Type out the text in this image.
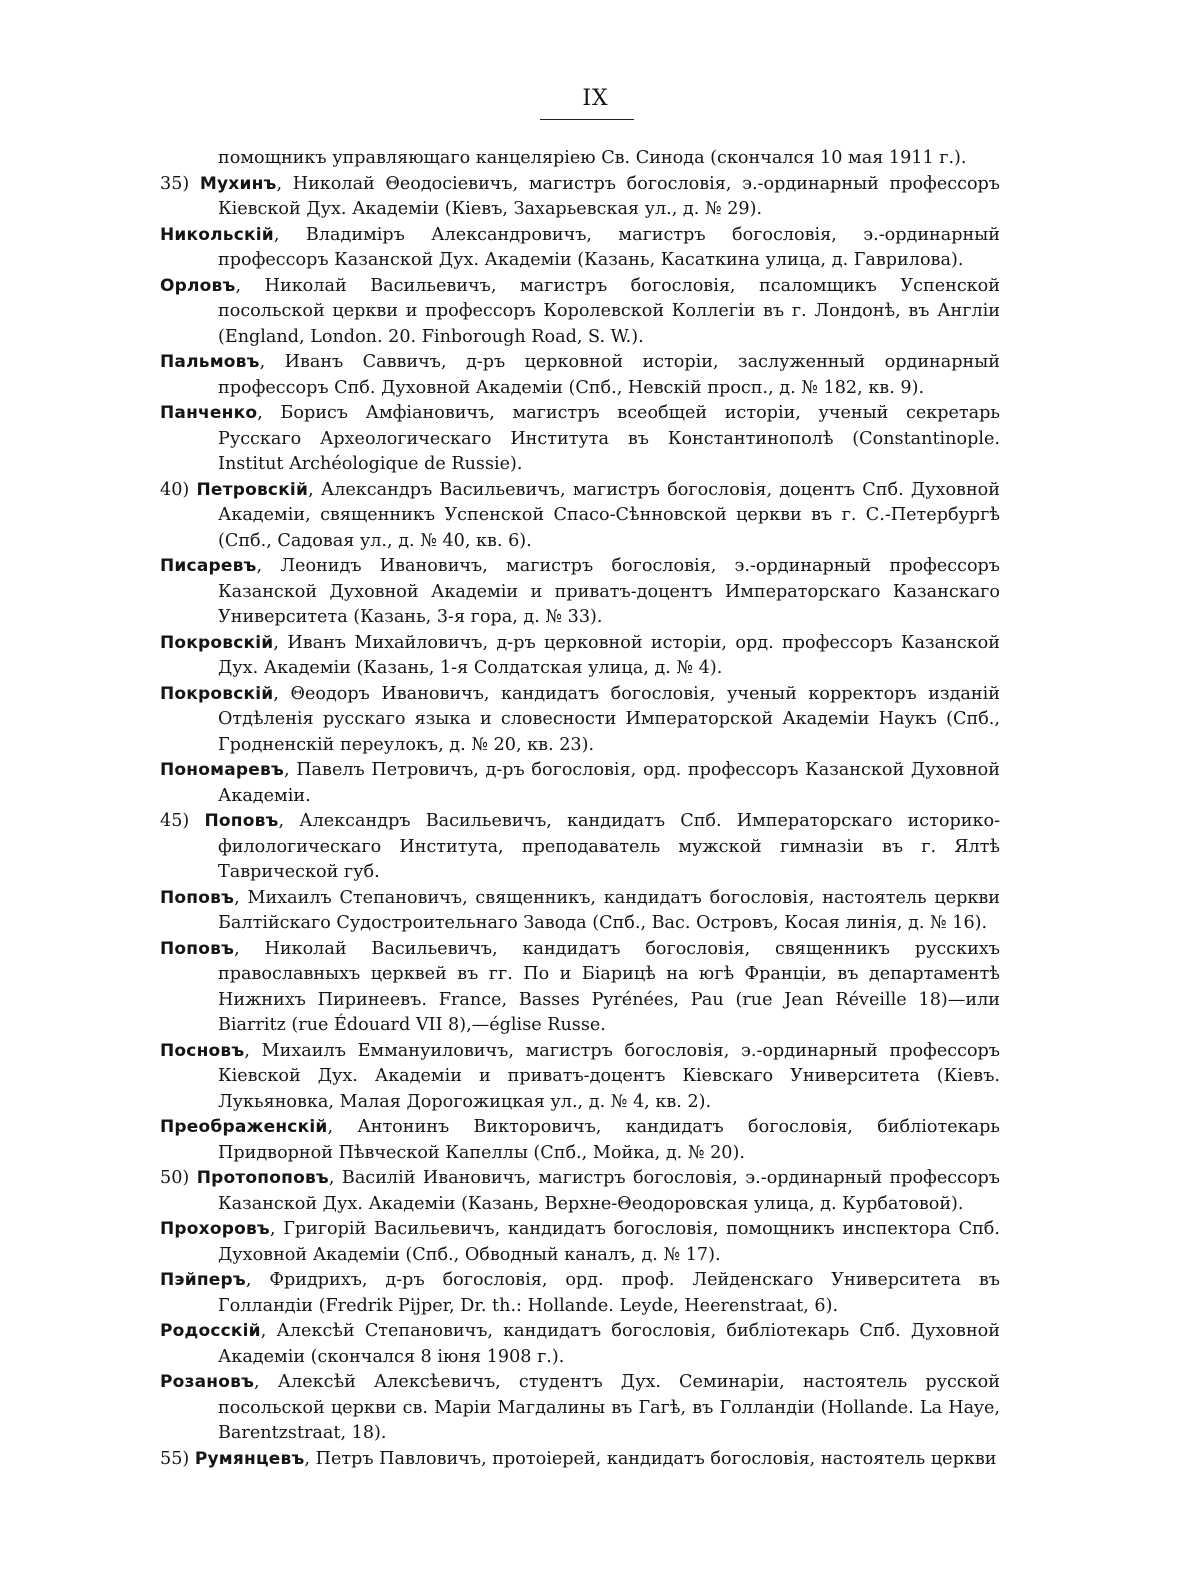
IX

помощникъ управляющаго канцеляріею Св. Синода (скончался 10 мая 1911 г.).

35) Мухинъ, Николай Θеодосіевичъ, магистръ богословія, э.-ординарный профессоръ Кіевской Дух. Академіи (Кіевъ, Захарьевская ул., д. № 29).

Никольскій, Владиміръ Александровичъ, магистръ богословія, э.-ординарный профессоръ Казанской Дух. Академіи (Казань, Касаткина улица, д. Гаврилова).

Орловъ, Николай Васильевичъ, магистръ богословія, псаломщикъ Успенской посольской церкви и профессоръ Королевской Коллегіи въ г. Лондонѣ, въ Англіи (England, London. 20. Finborough Road, S. W.).

Пальмовъ, Иванъ Саввичъ, д-ръ церковной исторіи, заслуженный ординарный профессоръ Спб. Духовной Академіи (Спб., Невскій просп., д. № 182, кв. 9).

Панченко, Борисъ Амфіановичъ, магистръ всеобщей исторіи, ученый секретарь Русскаго Археологическаго Института въ Константинополѣ (Constantinople. Institut Archéologique de Russie).

40) Петровскій, Александръ Васильевичъ, магистръ богословія, доцентъ Спб. Духовной Академіи, священникъ Успенской Спасо-Сѣнновской церкви въ г. С.-Петербургѣ (Спб., Садовая ул., д. № 40, кв. 6).

Писаревъ, Леонидъ Ивановичъ, магистръ богословія, э.-ординарный профессоръ Казанской Духовной Академіи и приватъ-доцентъ Императорскаго Казанскаго Университета (Казань, 3-я гора, д. № 33).

Покровскій, Иванъ Михайловичъ, д-ръ церковной исторіи, орд. профессоръ Казанской Дух. Академіи (Казань, 1-я Солдатская улица, д. № 4).

Покровскій, Θеодоръ Ивановичъ, кандидатъ богословія, ученый корректоръ изданій Отдѣленія русскаго языка и словесности Императорской Академіи Наукъ (Спб., Гродненскій переулокъ, д. № 20, кв. 23).

Пономаревъ, Павелъ Петровичъ, д-ръ богословія, орд. профессоръ Казанской Духовной Академіи.

45) Поповъ, Александръ Васильевичъ, кандидатъ Спб. Императорскаго историко-филологическаго Института, преподаватель мужской гимназіи въ г. Ялтѣ Таврической губ.

Поповъ, Михаилъ Степановичъ, священникъ, кандидатъ богословія, настоятель церкви Балтійскаго Судостроительнаго Завода (Спб., Вас. Островъ, Косая линія, д. № 16).

Поповъ, Николай Васильевичъ, кандидатъ богословія, священникъ русскихъ православныхъ церквей въ гг. По и Біарицѣ на югѣ Франціи, въ департаментѣ Нижнихъ Пиринеевъ. France, Basses Pyrénées, Pau (rue Jean Réveille 18)—или Biarritz (rue Édouard VII 8),—église Russe.

Посновъ, Михаилъ Еммануиловичъ, магистръ богословія, э.-ординарный профессоръ Кіевской Дух. Академіи и приватъ-доцентъ Кіевскаго Университета (Кіевъ. Лукьяновка, Малая Дорогожицкая ул., д. № 4, кв. 2).

Преображенскій, Антонинъ Викторовичъ, кандидатъ богословія, библіотекарь Придворной Пѣвческой Капеллы (Спб., Мойка, д. № 20).

50) Протопоповъ, Василій Ивановичъ, магистръ богословія, э.-ординарный профессоръ Казанской Дух. Академіи (Казань, Верхне-Θеодоровская улица, д. Курбатовой).

Прохоровъ, Григорій Васильевичъ, кандидатъ богословія, помощникъ инспектора Спб. Духовной Академіи (Спб., Обводный каналъ, д. № 17).

Пэйперъ, Фридрихъ, д-ръ богословія, орд. проф. Лейденскаго Университета въ Голландіи (Fredrik Pijper, Dr. th.: Hollande. Leyde, Heerenstraat, 6).

Родосскій, Алексѣй Степановичъ, кандидатъ богословія, библіотекарь Спб. Духовной Академіи (скончался 8 іюня 1908 г.).

Розановъ, Алексѣй Алексѣевичъ, студентъ Дух. Семинаріи, настоятель русской посольской церкви св. Маріи Магдалины въ Гагѣ, въ Голландіи (Hollande. La Haye, Barentzstraat, 18).

55) Румянцевъ, Петръ Павловичъ, протоіерей, кандидатъ богословія, настоятель церкви
